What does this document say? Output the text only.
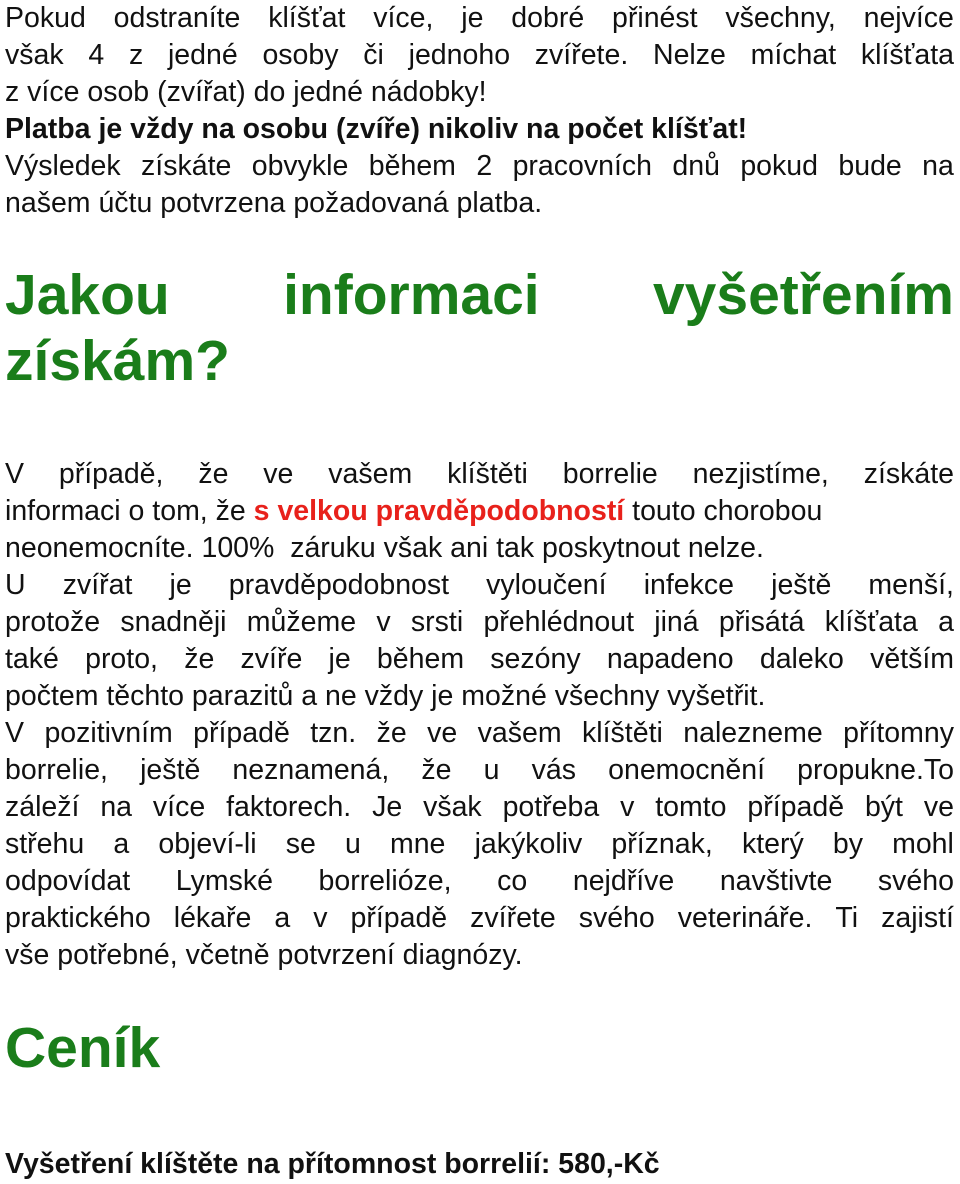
Pokud odstraníte klíšťat více, je dobré přinést všechny, nejvíce
však 4 z jedné osoby či jednoho zvířete. Nelze míchat klíšťata
z více osob (zvířat) do jedné nádobky!
Platba je vždy na osobu (zvíře) nikoliv na počet klíšťat!
Výsledek získáte obvykle během 2 pracovních dnů pokud bude na
našem účtu potvrzena požadovaná platba.
Jakou informaci vyšetřením
získám?
V případě, že ve vašem klíštěti borrelie nezjistíme, získáte
informaci o tom, že s velkou pravděpodobností touto chorobou
neonemocníte. 100%  záruku však ani tak poskytnout nelze.
U zvířat je pravděpodobnost vyloučení infekce ještě menší,
protože snadněji můžeme v srsti přehlédnout jiná přisátá klíšťata a
také proto, že zvíře je během sezóny napadeno daleko větším
počtem těchto parazitů a ne vždy je možné všechny vyšetřit.
V pozitivním případě tzn. že ve vašem klíštěti nalezneme přítomny
borrelie, ještě neznamená, že u vás onemocnění propukne.To
záleží na více faktorech. Je však potřeba v tomto případě být ve
střehu a objeví-li se u mne jakýkoliv příznak, který by mohl
odpovídat Lymské borrelióze, co nejdříve navštivte svého
praktického lékaře a v případě zvířete svého veterináře. Ti zajistí
vše potřebné, včetně potvrzení diagnózy.
Ceník
Vyšetření klíštěte na přítomnost borrelií: 580,-Kč
